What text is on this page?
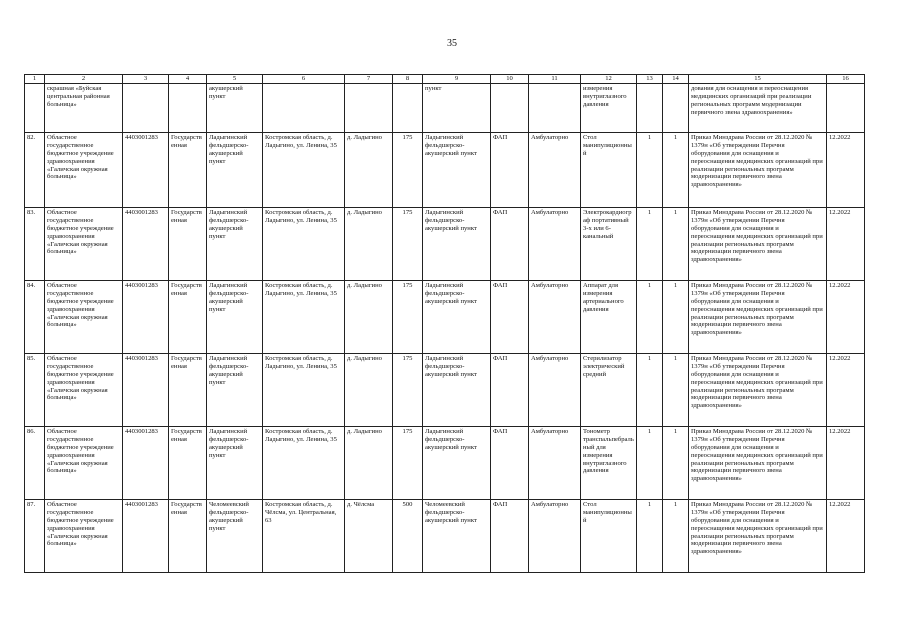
35
1	2	3	4	5	6	7	8	9	10	11	12	13	14	15	16
	скрашная «Буйская центральная районная больница»			акушерский пункт				пункт			измерения внутриглазного давления			дования для оснащения и переоснащения медицинских организаций при реализации региональных программ модернизации первичного звена здравоохранения»	
82.	Областное государственное бюджетное учреждение здравоохранения «Галичская окружная больница»	4403001283	Государственная	Ладыгинский фельдшерско-акушерский пункт	Костромская область, д. Ладыгино, ул. Ленина, 35	д. Ладыгино	175	Ладыгинский фельдшерско-акушерский пункт	ФАП	Амбулаторно	Стол манипуляционный	1	1	Приказ Минздрава России от 28.12.2020 № 1379н «Об утверждении Перечня оборудования для оснащения и переоснащения медицинских организаций при реализации региональных программ модернизации первичного звена здравоохранения»	12.2022
83.	Областное государственное бюджетное учреждение здравоохранения «Галичская окружная больница»	4403001283	Государственная	Ладыгинский фельдшерско-акушерский пункт	Костромская область, д. Ладыгино, ул. Ленина, 35	д. Ладыгино	175	Ладыгинский фельдшерско-акушерский пункт	ФАП	Амбулаторно	Электрокардиограф портативный 3-х или 6-канальный	1	1	Приказ Минздрава России от 28.12.2020 № 1379н «Об утверждении Перечня оборудования для оснащения и переоснащения медицинских организаций при реализации региональных программ модернизации первичного звена здравоохранения»	12.2022
84.	Областное государственное бюджетное учреждение здравоохранения «Галичская окружная больница»	4403001283	Государственная	Ладыгинский фельдшерско-акушерский пункт	Костромская область, д. Ладыгино, ул. Ленина, 35	д. Ладыгино	175	Ладыгинский фельдшерско-акушерский пункт	ФАП	Амбулаторно	Аппарат для измерения артериального давления	1	1	Приказ Минздрава России от 28.12.2020 № 1379н «Об утверждении Перечня оборудования для оснащения и переоснащения медицинских организаций при реализации региональных программ модернизации первичного звена здравоохранения»	12.2022
85.	Областное государственное бюджетное учреждение здравоохранения «Галичская окружная больница»	4403001283	Государственная	Ладыгинский фельдшерско-акушерский пункт	Костромская область, д. Ладыгино, ул. Ленина, 35	д. Ладыгино	175	Ладыгинский фельдшерско-акушерский пункт	ФАП	Амбулаторно	Стерилизатор электрический средний	1	1	Приказ Минздрава России от 28.12.2020 № 1379н «Об утверждении Перечня оборудования для оснащения и переоснащения медицинских организаций при реализации региональных программ модернизации первичного звена здравоохранения»	12.2022
86.	Областное государственное бюджетное учреждение здравоохранения «Галичская окружная больница»	4403001283	Государственная	Ладыгинский фельдшерско-акушерский пункт	Костромская область, д. Ладыгино, ул. Ленина, 35	д. Ладыгино	175	Ладыгинский фельдшерско-акушерский пункт	ФАП	Амбулаторно	Тонометр транспальпебральный для измерения внутриглазного давления	1	1	Приказ Минздрава России от 28.12.2020 № 1379н «Об утверждении Перечня оборудования для оснащения и переоснащения медицинских организаций при реализации региональных программ модернизации первичного звена здравоохранения»	12.2022
87.	Областное государственное бюджетное учреждение здравоохранения «Галичская окружная больница»	4403001283	Государственная	Челомеевский фельдшерско-акушерский пункт	Костромская область, д. Чёлсма, ул. Центральная, 63	д. Чёлсма	500	Челомеевский фельдшерско-акушерский пункт	ФАП	Амбулаторно	Стол манипуляционный	1	1	Приказ Минздрава России от 28.12.2020 № 1379н «Об утверждении Перечня оборудования для оснащения и переоснащения медицинских организаций при реализации региональных программ модернизации первичного звена здравоохранения»	12.2022
